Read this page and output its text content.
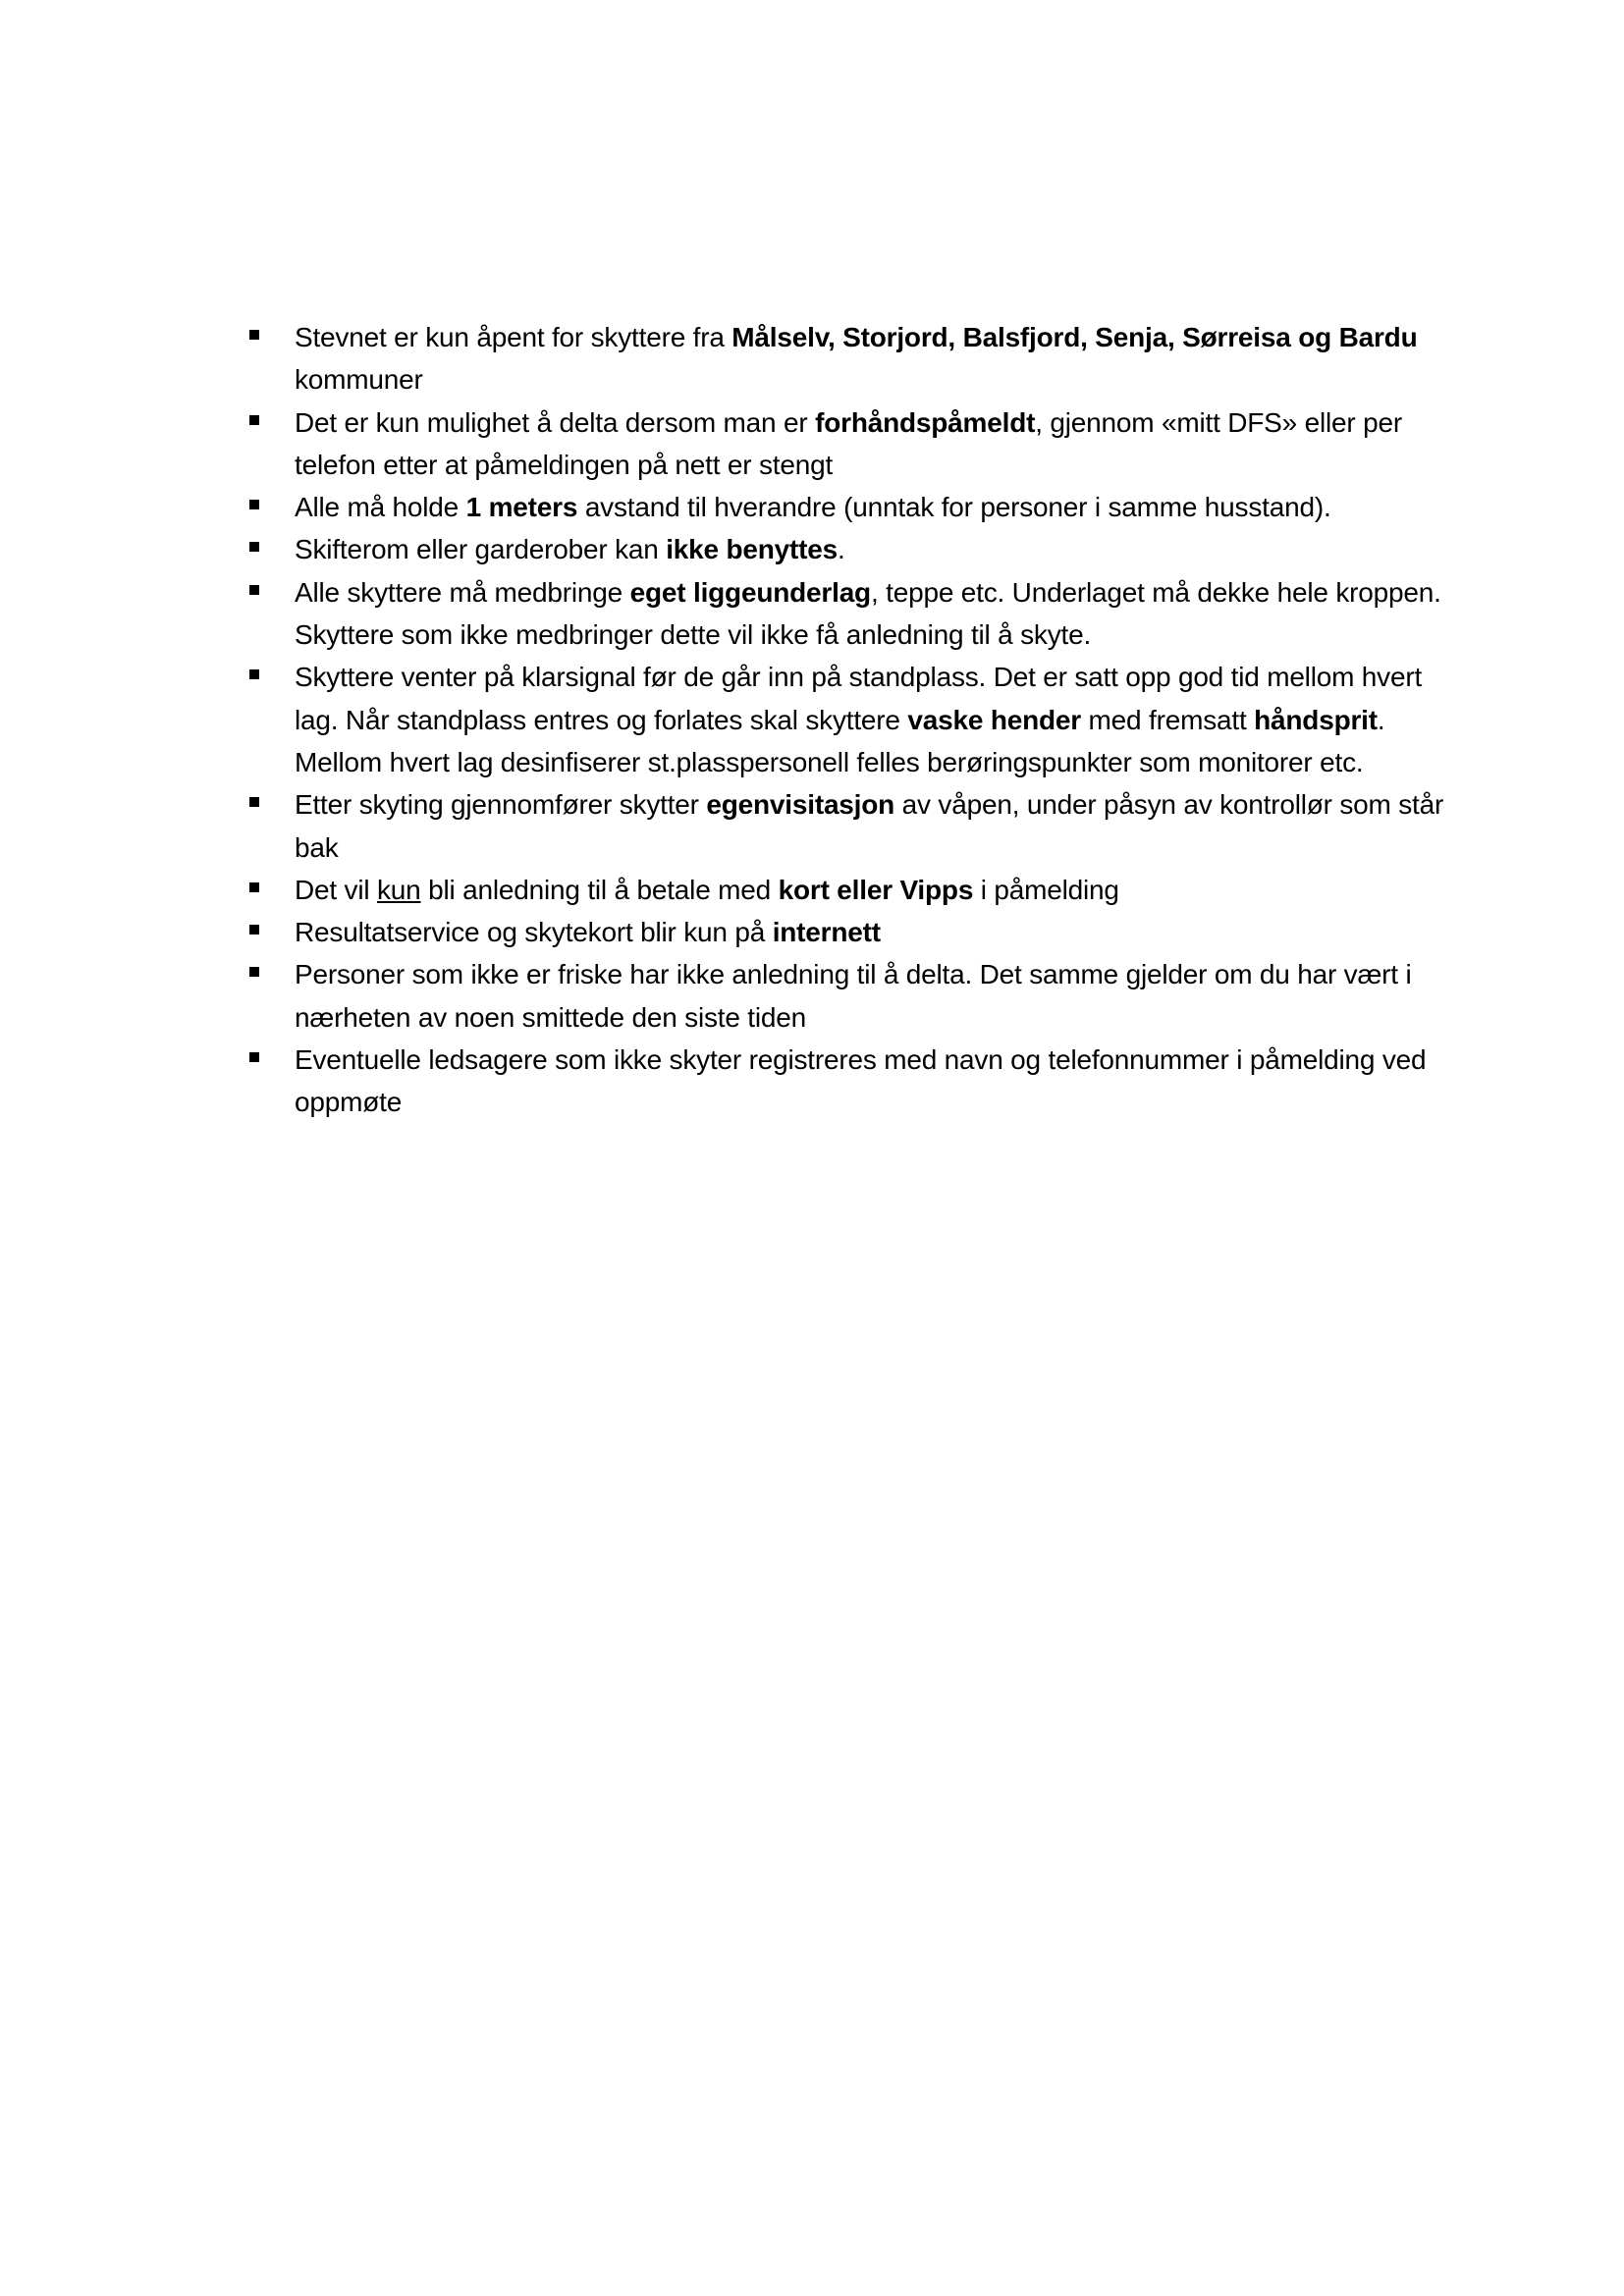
Stevnet er kun åpent for skyttere fra Målselv, Storjord, Balsfjord, Senja, Sørreisa og Bardu kommuner
Det er kun mulighet å delta dersom man er forhåndspåmeldt, gjennom «mitt DFS» eller per telefon etter at påmeldingen på nett er stengt
Alle må holde 1 meters avstand til hverandre (unntak for personer i samme husstand).
Skifterom eller garderober kan ikke benyttes.
Alle skyttere må medbringe eget liggeunderlag, teppe etc. Underlaget må dekke hele kroppen. Skyttere som ikke medbringer dette vil ikke få anledning til å skyte.
Skyttere venter på klarsignal før de går inn på standplass. Det er satt opp god tid mellom hvert lag. Når standplass entres og forlates skal skyttere vaske hender med fremsatt håndsprit. Mellom hvert lag desinfiserer st.plasspersonell felles berøringspunkter som monitorer etc.
Etter skyting gjennomfører skytter egenvisitasjon av våpen, under påsyn av kontrollør som står bak
Det vil kun bli anledning til å betale med kort eller Vipps i påmelding
Resultatservice og skytekort blir kun på internett
Personer som ikke er friske har ikke anledning til å delta. Det samme gjelder om du har vært i nærheten av noen smittede den siste tiden
Eventuelle ledsagere som ikke skyter registreres med navn og telefonnummer i påmelding ved oppmøte
